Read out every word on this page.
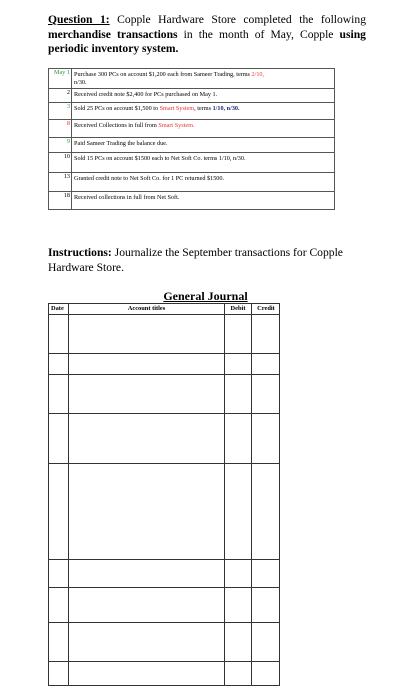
Question 1: Copple Hardware Store completed the following merchandise transactions in the month of May, Copple using periodic inventory system.
May 1	Purchase 300 PCs on account $1,200 each from Sameer Trading, terms 2/10,
n/30.
2	Received credit note $2,400 for PCs purchased on May 1.
3	Sold 25 PCs on account $1,500 to Smart System, terms 1/10, n/30.
8	Received Collections in full from Smart System.
9	Paid Sameer Trading the balance due.
10	Sold 15 PCs on account $1500 each to Net Soft Co. terms 1/10, n/30.
13	Granted credit note to Net Soft Co. for 1 PC returned $1500.
18	Received collections in full from Net Soft.
Instructions: Journalize the September transactions for Copple Hardware Store.
General Journal
Date	Account titles	Debit	Credit
